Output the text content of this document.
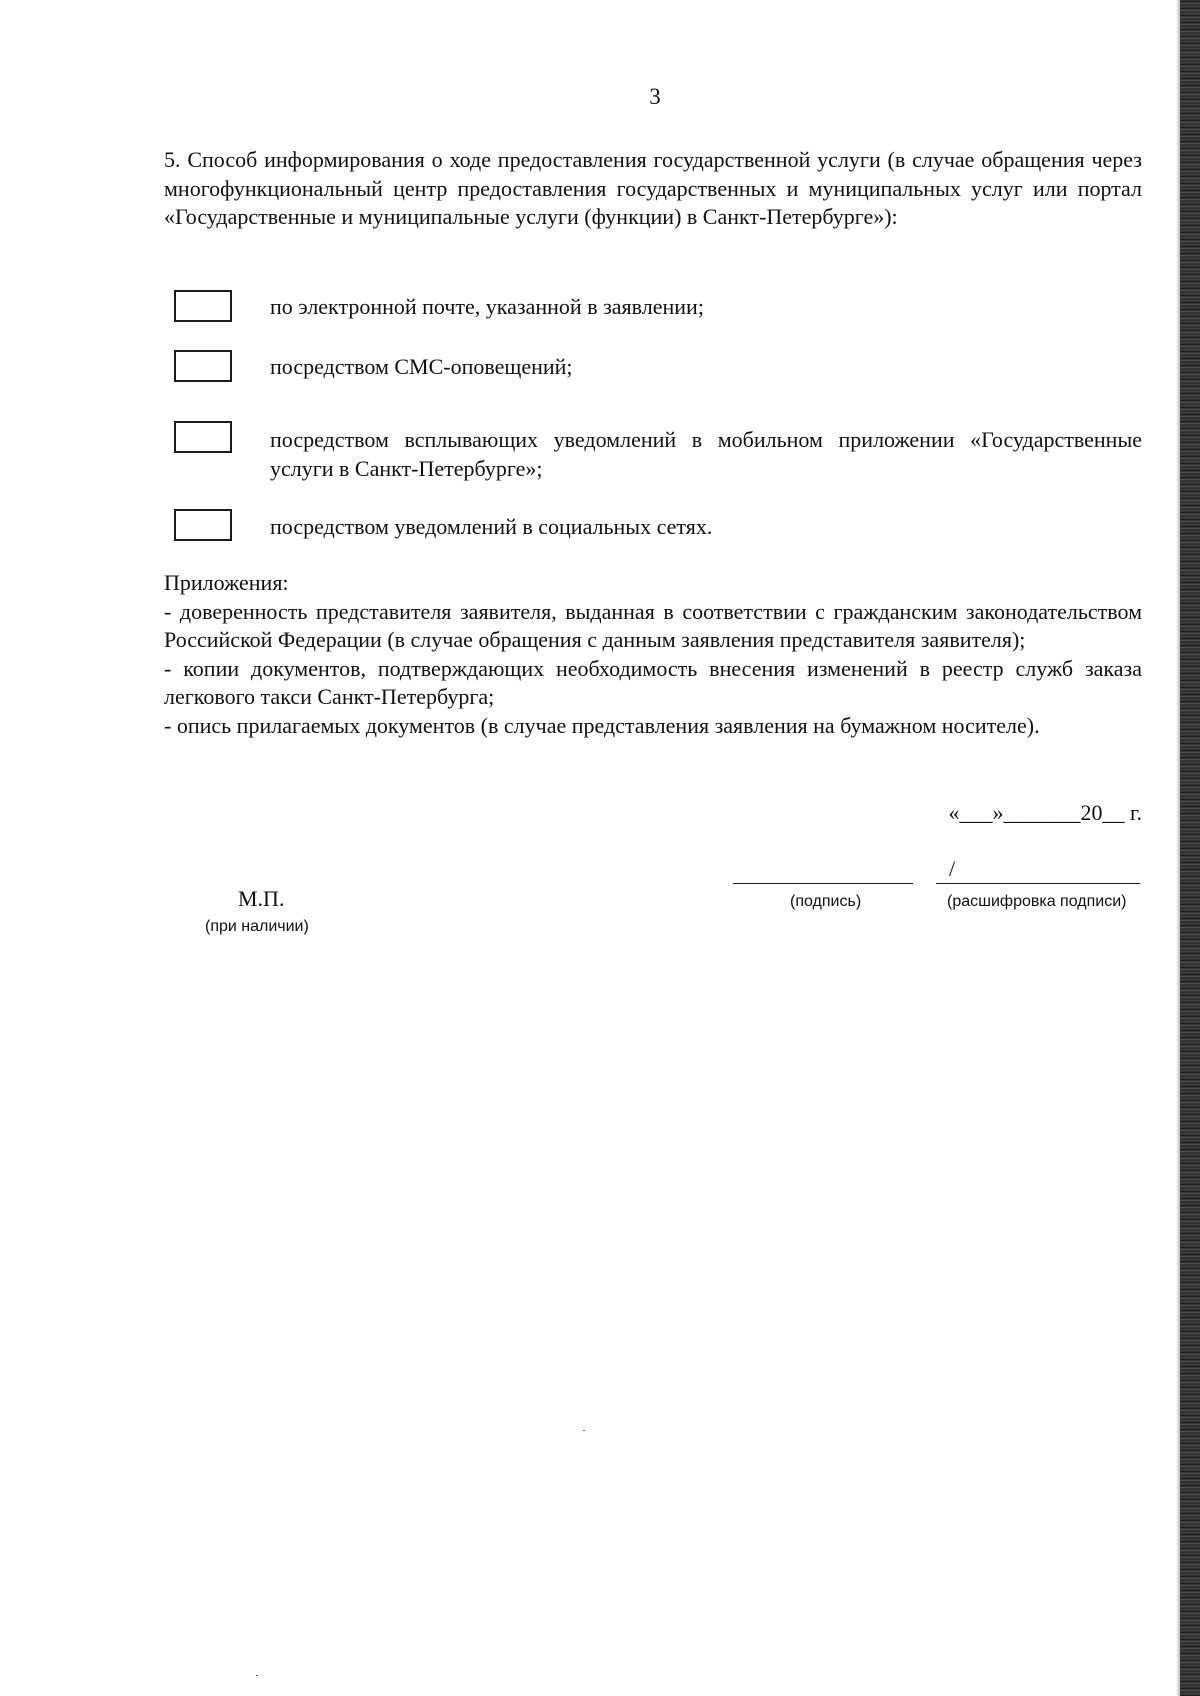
3

5. Способ информирования о ходе предоставления государственной услуги (в случае обращения через многофункциональный центр предоставления государственных и муниципальных услуг или портал «Государственные и муниципальные услуги (функции) в Санкт-Петербурге»):

по электронной почте, указанной в заявлении;

посредством СМС-оповещений;

посредством всплывающих уведомлений в мобильном приложении «Государственные услуги в Санкт-Петербурге»;

посредством уведомлений в социальных сетях.

Приложения:

- доверенность представителя заявителя, выданная в соответствии с гражданским законодательством Российской Федерации (в случае обращения с данным заявления представителя заявителя);

- копии документов, подтверждающих необходимость внесения изменений в реестр служб заказа легкового такси Санкт-Петербурга;

- опись прилагаемых документов (в случае представления заявления на бумажном носителе).

«___»_______20__ г.
/
(подпись)	(расшифровка подписи)
М.П.
(при наличии)
